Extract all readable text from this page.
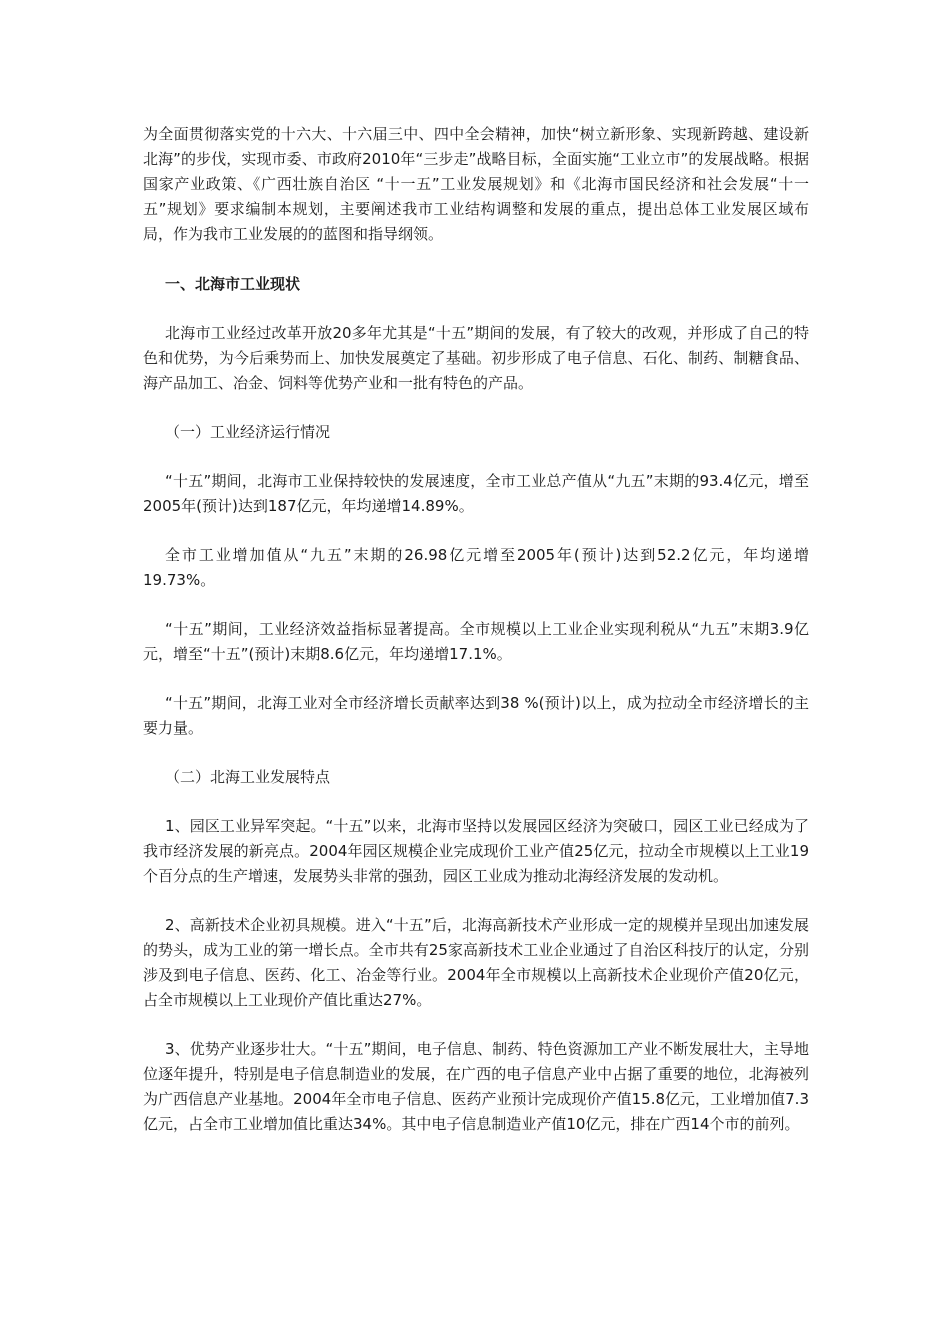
为全面贯彻落实党的十六大、十六届三中、四中全会精神，加快“树立新形象、实现新跨越、建设新北海”的步伐，实现市委、市政府2010年“三步走”战略目标，全面实施“工业立市”的发展战略。根据国家产业政策、《广西壮族自治区 “十一五”工业发展规划》和《北海市国民经济和社会发展“十一五”规划》要求编制本规划，主要阐述我市工业结构调整和发展的重点，提出总体工业发展区域布局，作为我市工业发展的的蓝图和指导纲领。

一、北海市工业现状

北海市工业经过改革开放20多年尤其是“十五”期间的发展，有了较大的改观，并形成了自己的特色和优势，为今后乘势而上、加快发展奠定了基础。初步形成了电子信息、石化、制药、制糖食品、海产品加工、冶金、饲料等优势产业和一批有特色的产品。

（一）工业经济运行情况

“十五”期间，北海市工业保持较快的发展速度，全市工业总产值从“九五”末期的93.4亿元，增至2005年(预计)达到187亿元，年均递增14.89%。

全市工业增加值从“九五”末期的26.98亿元增至2005年(预计)达到52.2亿元，年均递增19.73%。

“十五”期间，工业经济效益指标显著提高。全市规模以上工业企业实现利税从“九五”末期3.9亿元，增至“十五”(预计)末期8.6亿元，年均递增17.1%。

“十五”期间，北海工业对全市经济增长贡献率达到38 %(预计)以上，成为拉动全市经济增长的主要力量。

（二）北海工业发展特点

1、园区工业异军突起。“十五”以来，北海市坚持以发展园区经济为突破口，园区工业已经成为了我市经济发展的新亮点。2004年园区规模企业完成现价工业产值25亿元，拉动全市规模以上工业19个百分点的生产增速，发展势头非常的强劲，园区工业成为推动北海经济发展的发动机。

2、高新技术企业初具规模。进入“十五”后，北海高新技术产业形成一定的规模并呈现出加速发展的势头，成为工业的第一增长点。全市共有25家高新技术工业企业通过了自治区科技厅的认定，分别涉及到电子信息、医药、化工、冶金等行业。2004年全市规模以上高新技术企业现价产值20亿元，占全市规模以上工业现价产值比重达27%。

3、优势产业逐步壮大。“十五”期间，电子信息、制药、特色资源加工产业不断发展壮大，主导地位逐年提升，特别是电子信息制造业的发展，在广西的电子信息产业中占据了重要的地位，北海被列为广西信息产业基地。2004年全市电子信息、医药产业预计完成现价产值15.8亿元，工业增加值7.3亿元，占全市工业增加值比重达34%。其中电子信息制造业产值10亿元，排在广西14个市的前列。
